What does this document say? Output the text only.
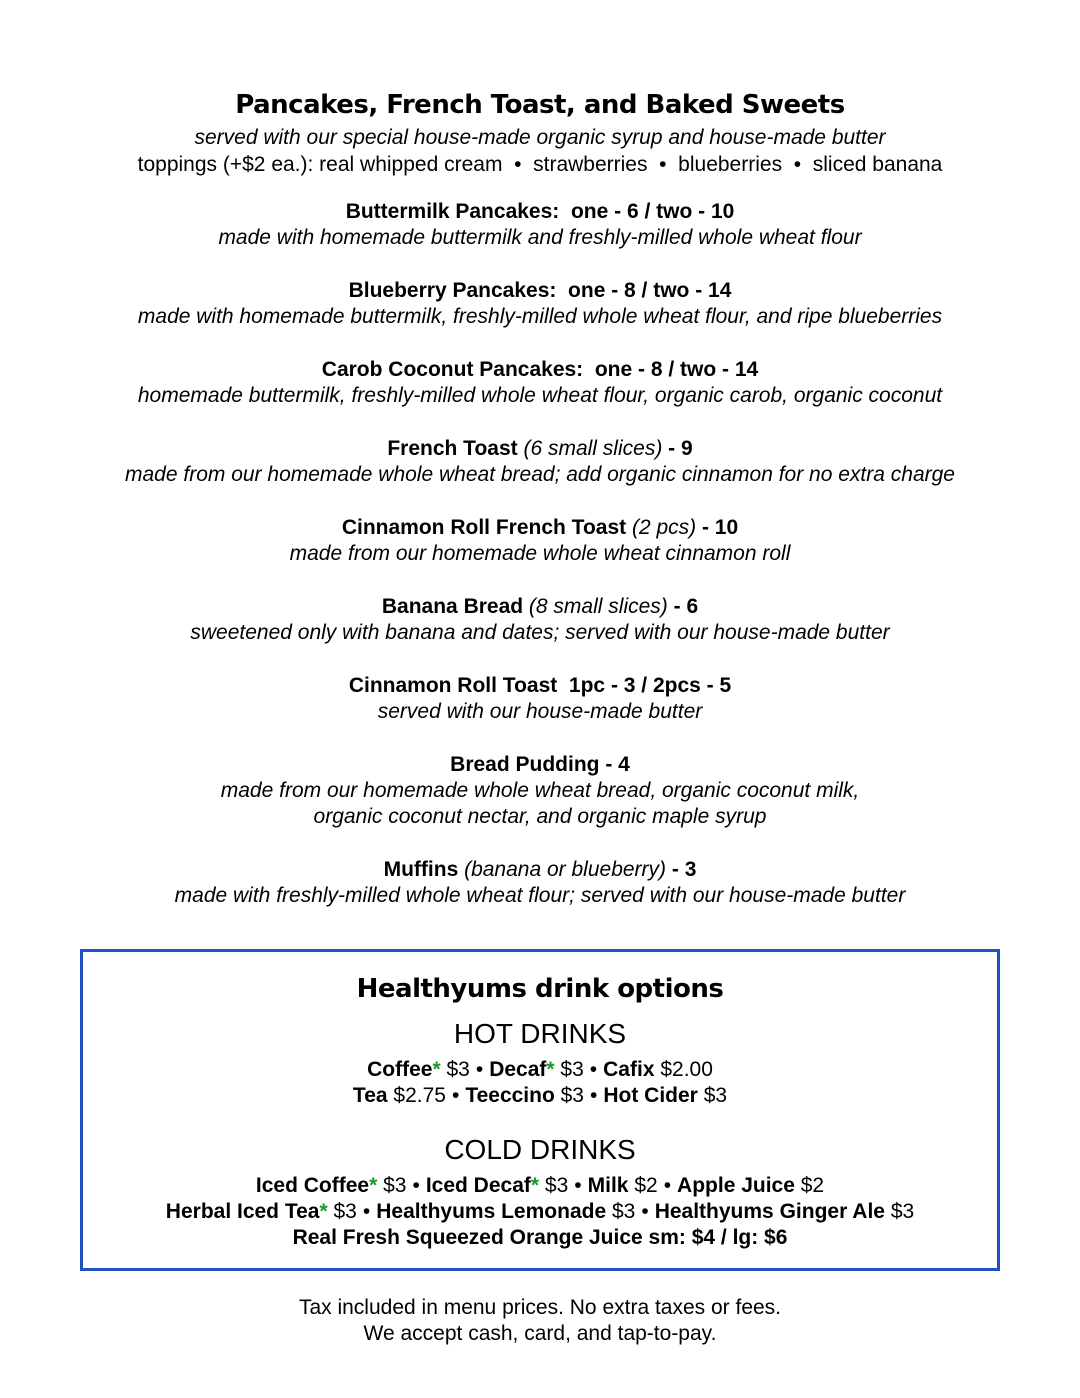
Pancakes, French Toast, and Baked Sweets
served with our special house-made organic syrup and house-made butter
toppings (+$2 ea.): real whipped cream  •  strawberries  •  blueberries  •  sliced banana
Buttermilk Pancakes:  one - 6 / two - 10
made with homemade buttermilk and freshly-milled whole wheat flour
Blueberry Pancakes:  one - 8 / two - 14
made with homemade buttermilk, freshly-milled whole wheat flour, and ripe blueberries
Carob Coconut Pancakes:  one - 8 / two - 14
homemade buttermilk, freshly-milled whole wheat flour, organic carob, organic coconut
French Toast (6 small slices) - 9
made from our homemade whole wheat bread; add organic cinnamon for no extra charge
Cinnamon Roll French Toast (2 pcs) - 10
made from our homemade whole wheat cinnamon roll
Banana Bread (8 small slices) - 6
sweetened only with banana and dates; served with our house-made butter
Cinnamon Roll Toast  1pc - 3 / 2pcs - 5
served with our house-made butter
Bread Pudding - 4
made from our homemade whole wheat bread, organic coconut milk,
organic coconut nectar, and organic maple syrup
Muffins (banana or blueberry) - 3
made with freshly-milled whole wheat flour; served with our house-made butter
Healthyums drink options
HOT DRINKS
Coffee* $3 • Decaf* $3 • Cafix $2.00
Tea $2.75 • Teeccino $3 • Hot Cider $3
COLD DRINKS
Iced Coffee* $3 • Iced Decaf* $3 • Milk $2 • Apple Juice $2
Herbal Iced Tea* $3 • Healthyums Lemonade $3 • Healthyums Ginger Ale $3
Real Fresh Squeezed Orange Juice sm: $4 / lg: $6
Tax included in menu prices. No extra taxes or fees.
We accept cash, card, and tap-to-pay.
